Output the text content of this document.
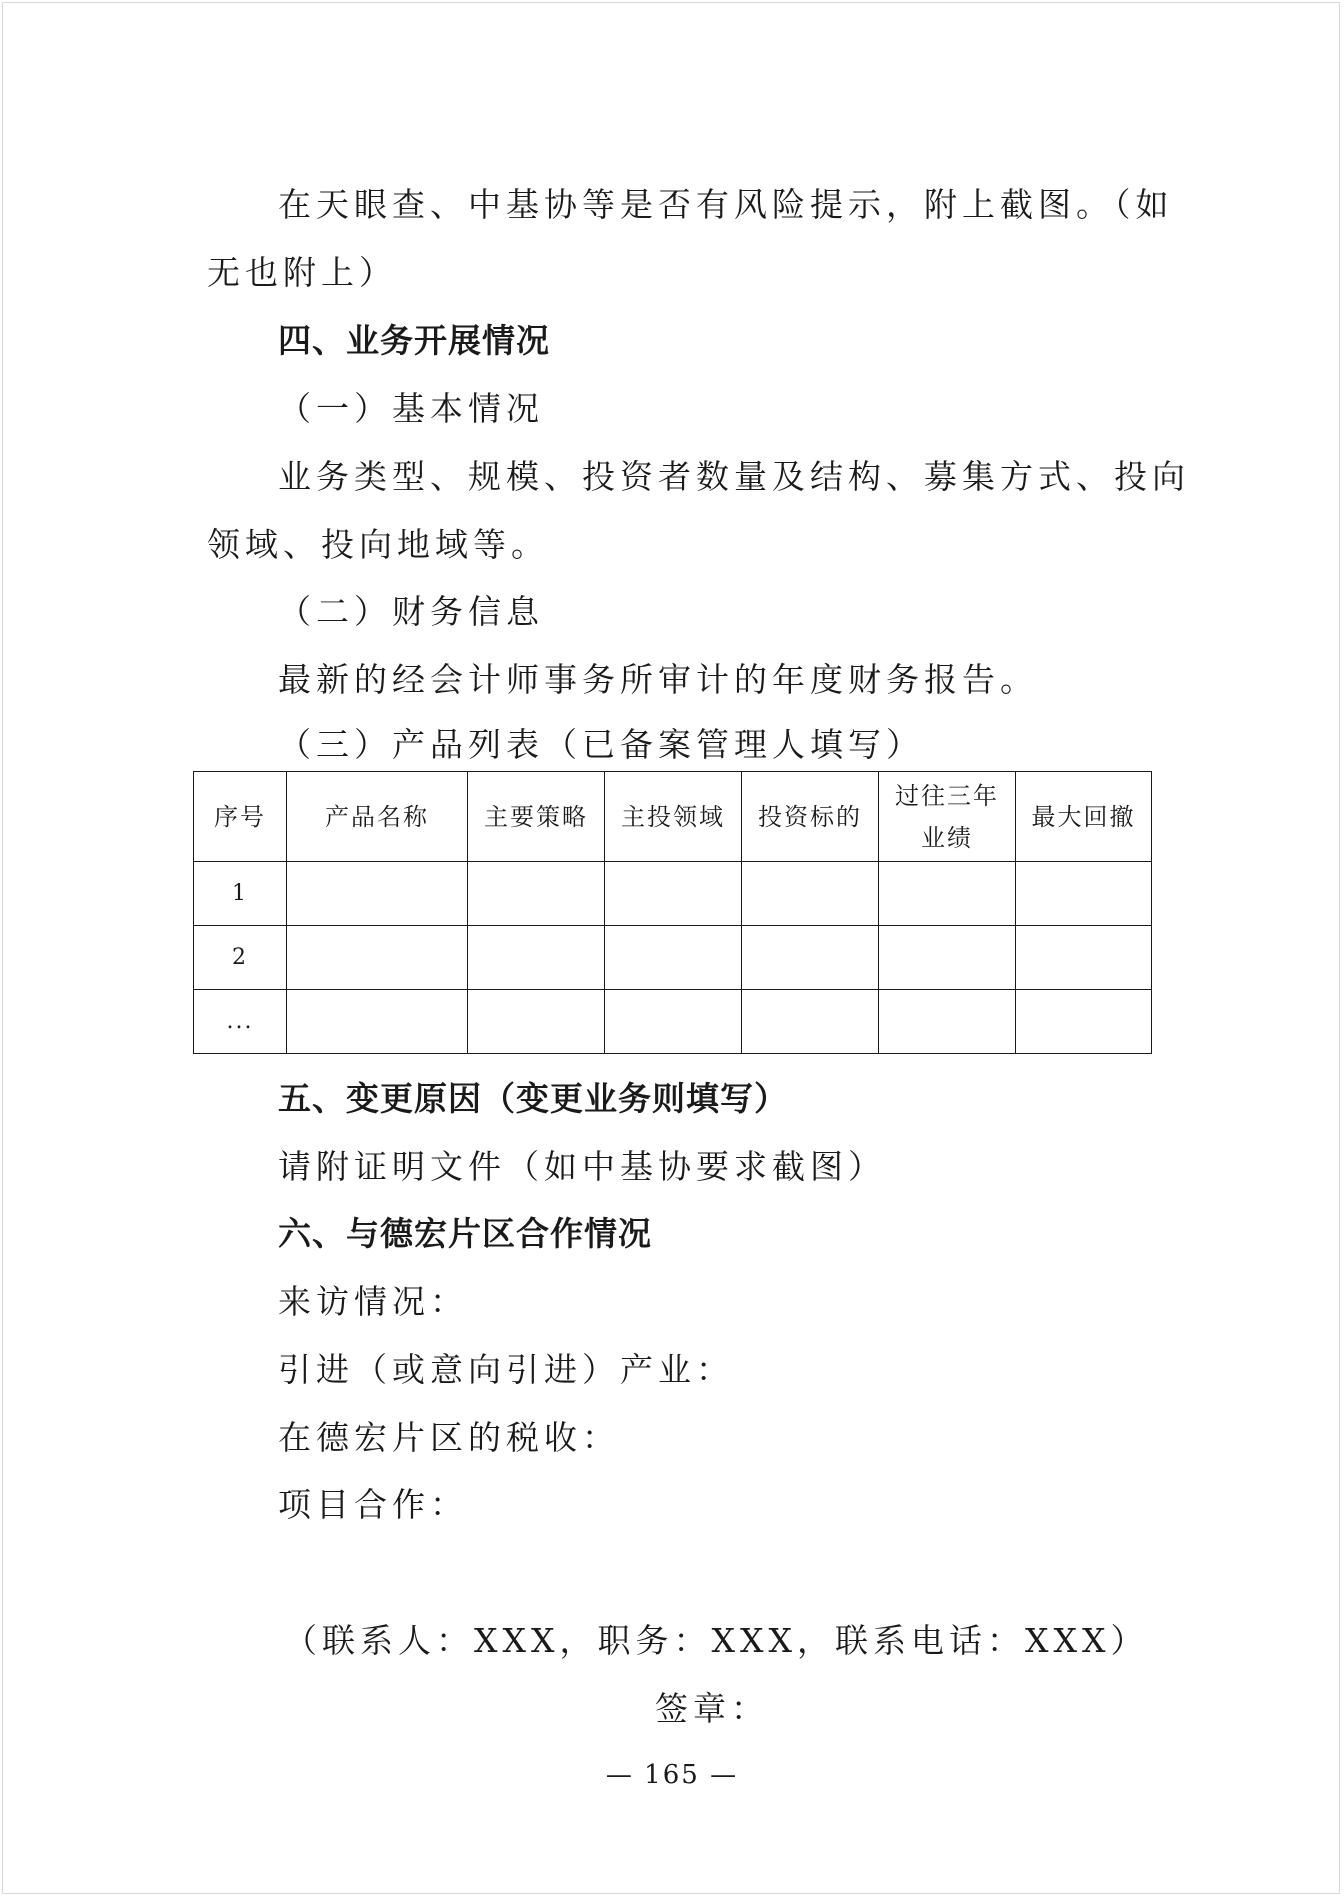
在天眼查、中基协等是否有风险提示，附上截图。（如
无也附上）
四、业务开展情况
（一）基本情况
业务类型、规模、投资者数量及结构、募集方式、投向
领域、投向地域等。
（二）财务信息
最新的经会计师事务所审计的年度财务报告。
（三）产品列表（已备案管理人填写）
序号	产品名称	主要策略	主投领域	投资标的	过往三年
业绩	最大回撤
1						
2						
...						
五、变更原因（变更业务则填写）
请附证明文件（如中基协要求截图）
六、与德宏片区合作情况
来访情况：
引进（或意向引进）产业：
在德宏片区的税收：
项目合作：
（联系人：XXX，职务：XXX，联系电话：XXX）
签章：
— 165 —
